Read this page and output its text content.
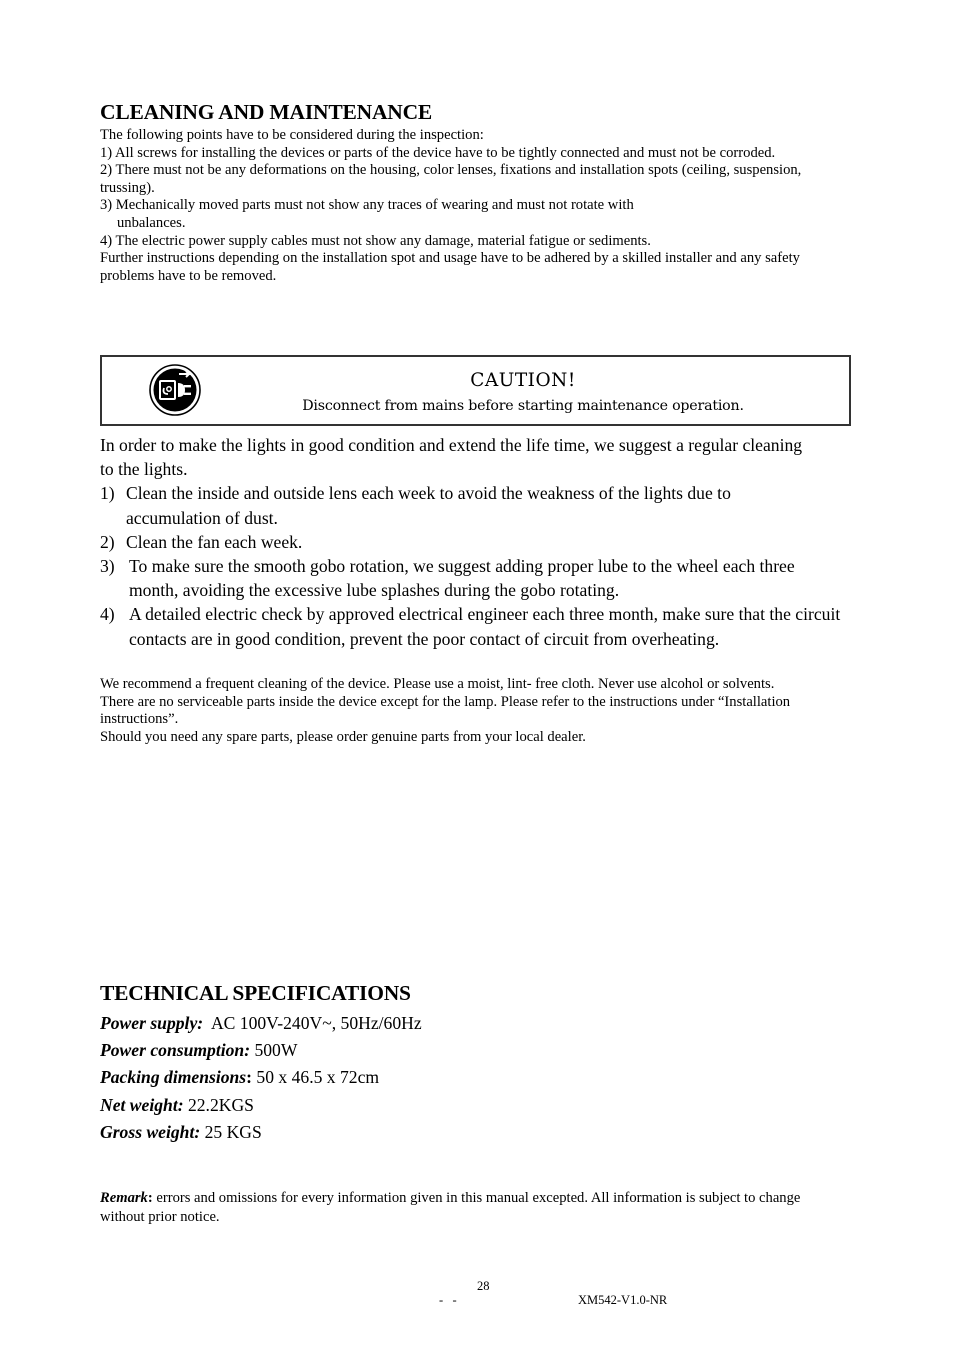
CLEANING AND MAINTENANCE

The following points have to be considered during the inspection:

1) All screws for installing the devices or parts of the device have to be tightly connected and must not be corroded.

2) There must not be any deformations on the housing, color lenses, fixations and installation spots (ceiling, suspension, trussing).

3) Mechanically moved parts must not show any traces of wearing and must not rotate with

unbalances.

4) The electric power supply cables must not show any damage, material fatigue or sediments.

Further instructions depending on the installation spot and usage have to be adhered by a skilled installer and any safety problems have to be removed.

CAUTION!
Disconnect from mains before starting maintenance operation.

In order to make the lights in good condition and extend the life time, we suggest a regular cleaning to the lights.

1) Clean the inside and outside lens each week to avoid the weakness of the lights due to accumulation of dust.
2) Clean the fan each week.
3) To make sure the smooth gobo rotation, we suggest adding proper lube to the wheel each three month, avoiding the excessive lube splashes during the gobo rotating.
4) A detailed electric check by approved electrical engineer each three month, make sure that the circuit contacts are in good condition, prevent the poor contact of circuit from overheating.

We recommend a frequent cleaning of the device. Please use a moist, lint- free cloth. Never use alcohol or solvents.

There are no serviceable parts inside the device except for the lamp. Please refer to the instructions under “Installation instructions”.

Should you need any spare parts, please order genuine parts from your local dealer.

TECHNICAL SPECIFICATIONS
Power supply:  AC 100V-240V~, 50Hz/60Hz
Power consumption: 500W
Packing dimensions: 50 x 46.5 x 72cm
Net weight: 22.2KGS
Gross weight: 25 KGS
Remark: errors and omissions for every information given in this manual excepted. All information is subject to change without prior notice.
28
-   -	XM542-V1.0-NR
